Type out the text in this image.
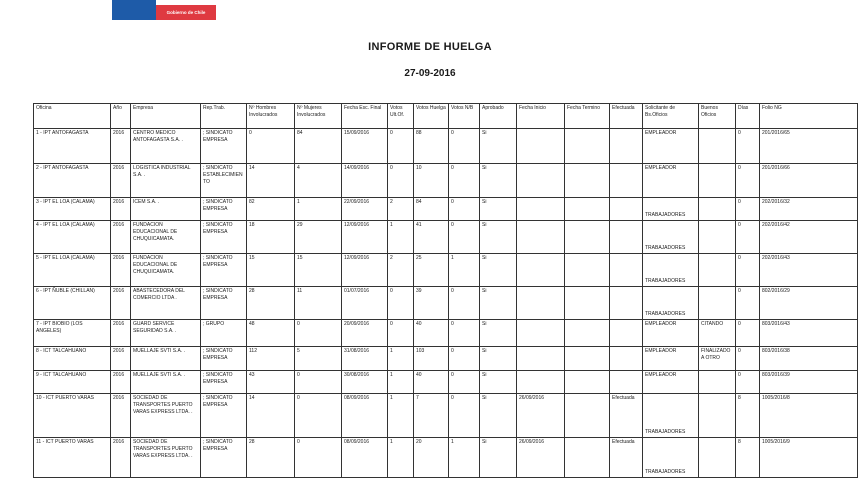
Gobierno de Chile
INFORME DE HUELGA
27-09-2016
Oficina	Año	Empresa	Rep.Trab.	Nº Hombres Involucrados	Nº Mujeres Involucrados	Fecha Esc. Final	Votos Ult.Of.	Votos Huelga	Votos N/B	Aprobado	Fecha Inicio	Fecha Termino	Efectuada	Solicitante de Bs.Oficios	Buenos Oficios	Días	Folio NG
1 - IPT ANTOFAGASTA	2016	CENTRO MEDICO ANTOFAGASTA S.A. .	; SINDICATO EMPRESA	0	84	15/09/2016	0	88	0	Si				EMPLEADOR		0	201/2016/65
2 - IPT ANTOFAGASTA	2016	LOGISTICA INDUSTRIAL S.A. .	; SINDICATO ESTABLECIMIENTO	14	4	14/09/2016	0	10	0	Si				EMPLEADOR		0	201/2016/66
3 - IPT EL LOA (CALAMA)	2016	ICEM S.A. .	; SINDICATO EMPRESA	82	1	22/09/2016	2	84	0	Si				TRABAJADORES		0	202/2016/32
4 - IPT EL LOA (CALAMA)	2016	FUNDACION EDUCACIONAL DE CHUQUICAMATA.	; SINDICATO EMPRESA	18	29	12/09/2016	1	41	0	Si				TRABAJADORES		0	202/2016/42
5 - IPT EL LOA (CALAMA)	2016	FUNDACION EDUCACIONAL DE CHUQUICAMATA.	; SINDICATO EMPRESA	15	15	12/09/2016	2	25	1	Si				TRABAJADORES		0	202/2016/43
6 - IPT ÑUBLE (CHILLAN)	2016	ABASTECEDORA DEL COMERCIO LTDA .	; SINDICATO EMPRESA	28	11	01/07/2016	0	39	0	Si				TRABAJADORES		0	802/2016/29
7 - IPT BIOBIO (LOS ANGELES)	2016	GUARD SERVICE SEGURIDAD S.A. .	; GRUPO	48	0	20/09/2016	0	40	0	Si				EMPLEADOR	CITANDO	0	803/2016/43
8 - ICT TALCAHUANO	2016	MUELLAJE SVTI S.A. .	; SINDICATO EMPRESA	112	5	31/08/2016	1	103	0	Si				EMPLEADOR	FINALIZADO A OTRO	0	803/2016/38
9 - ICT TALCAHUANO	2016	MUELLAJE SVTI S.A. .	; SINDICATO EMPRESA	43	0	30/08/2016	1	40	0	Si				EMPLEADOR		0	803/2016/39
10 - ICT PUERTO VARAS	2016	SOCIEDAD DE TRANSPORTES PUERTO VARAS EXPRESS LTDA. .	; SINDICATO EMPRESA	14	0	08/09/2016	1	7	0	Si	26/09/2016		Efectuada	TRABAJADORES		8	1005/2016/8
11 - ICT PUERTO VARAS	2016	SOCIEDAD DE TRANSPORTES PUERTO VARAS EXPRESS LTDA. .	; SINDICATO EMPRESA	28	0	08/09/2016	1	20	1	Si	26/09/2016		Efectuada	TRABAJADORES		8	1005/2016/9
